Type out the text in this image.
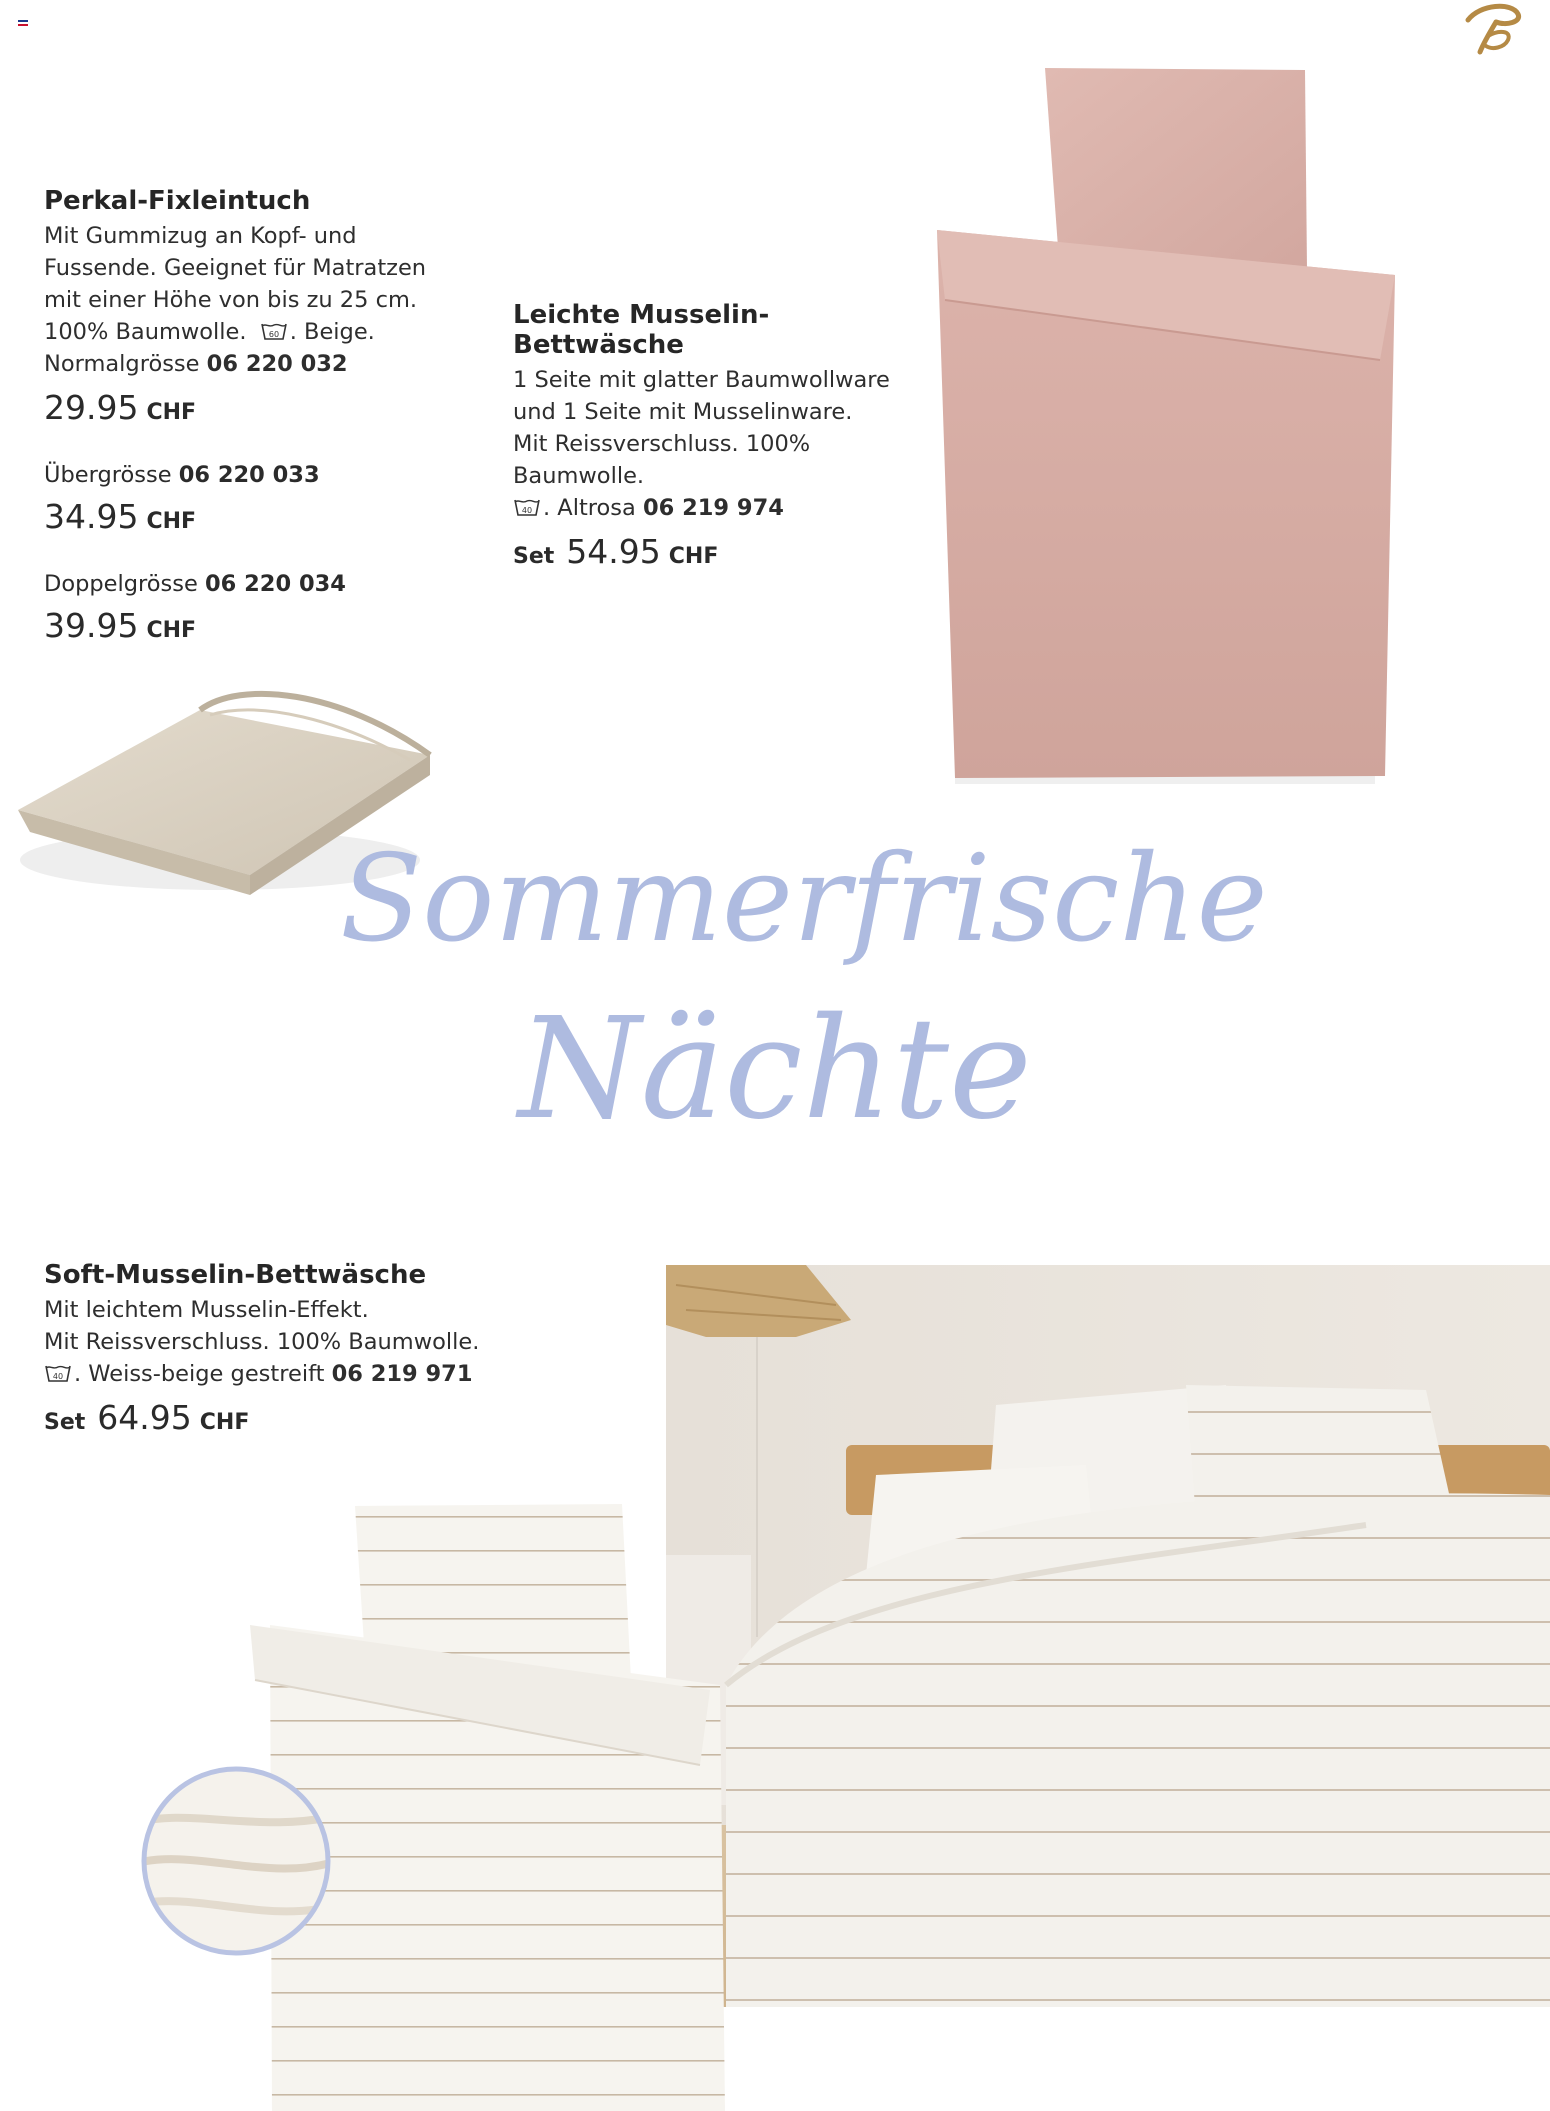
Perkal-Fixleintuch
Mit Gummizug an Kopf- und
Fussende. Geeignet für Matratzen
mit einer Höhe von bis zu 25 cm.
100% Baumwolle.	60 . Beige.
Normalgrösse 06 220 032
29.95 CHF
Übergrösse 06 220 033
34.95 CHF
Doppelgrösse 06 220 034
39.95 CHF
Leichte Musselin-Bettwäsche
1 Seite mit glatter Baumwollware
und 1 Seite mit Musselinware.
Mit Reissverschluss. 100% Baumwolle.
40 . Altrosa 06 219 974
Set 54.95 CHF
Sommerfrische
Nächte
Soft-Musselin-Bettwäsche
Mit leichtem Musselin-Effekt.
Mit Reissverschluss. 100% Baumwolle.
40 . Weiss-beige gestreift 06 219 971
Set 64.95 CHF
